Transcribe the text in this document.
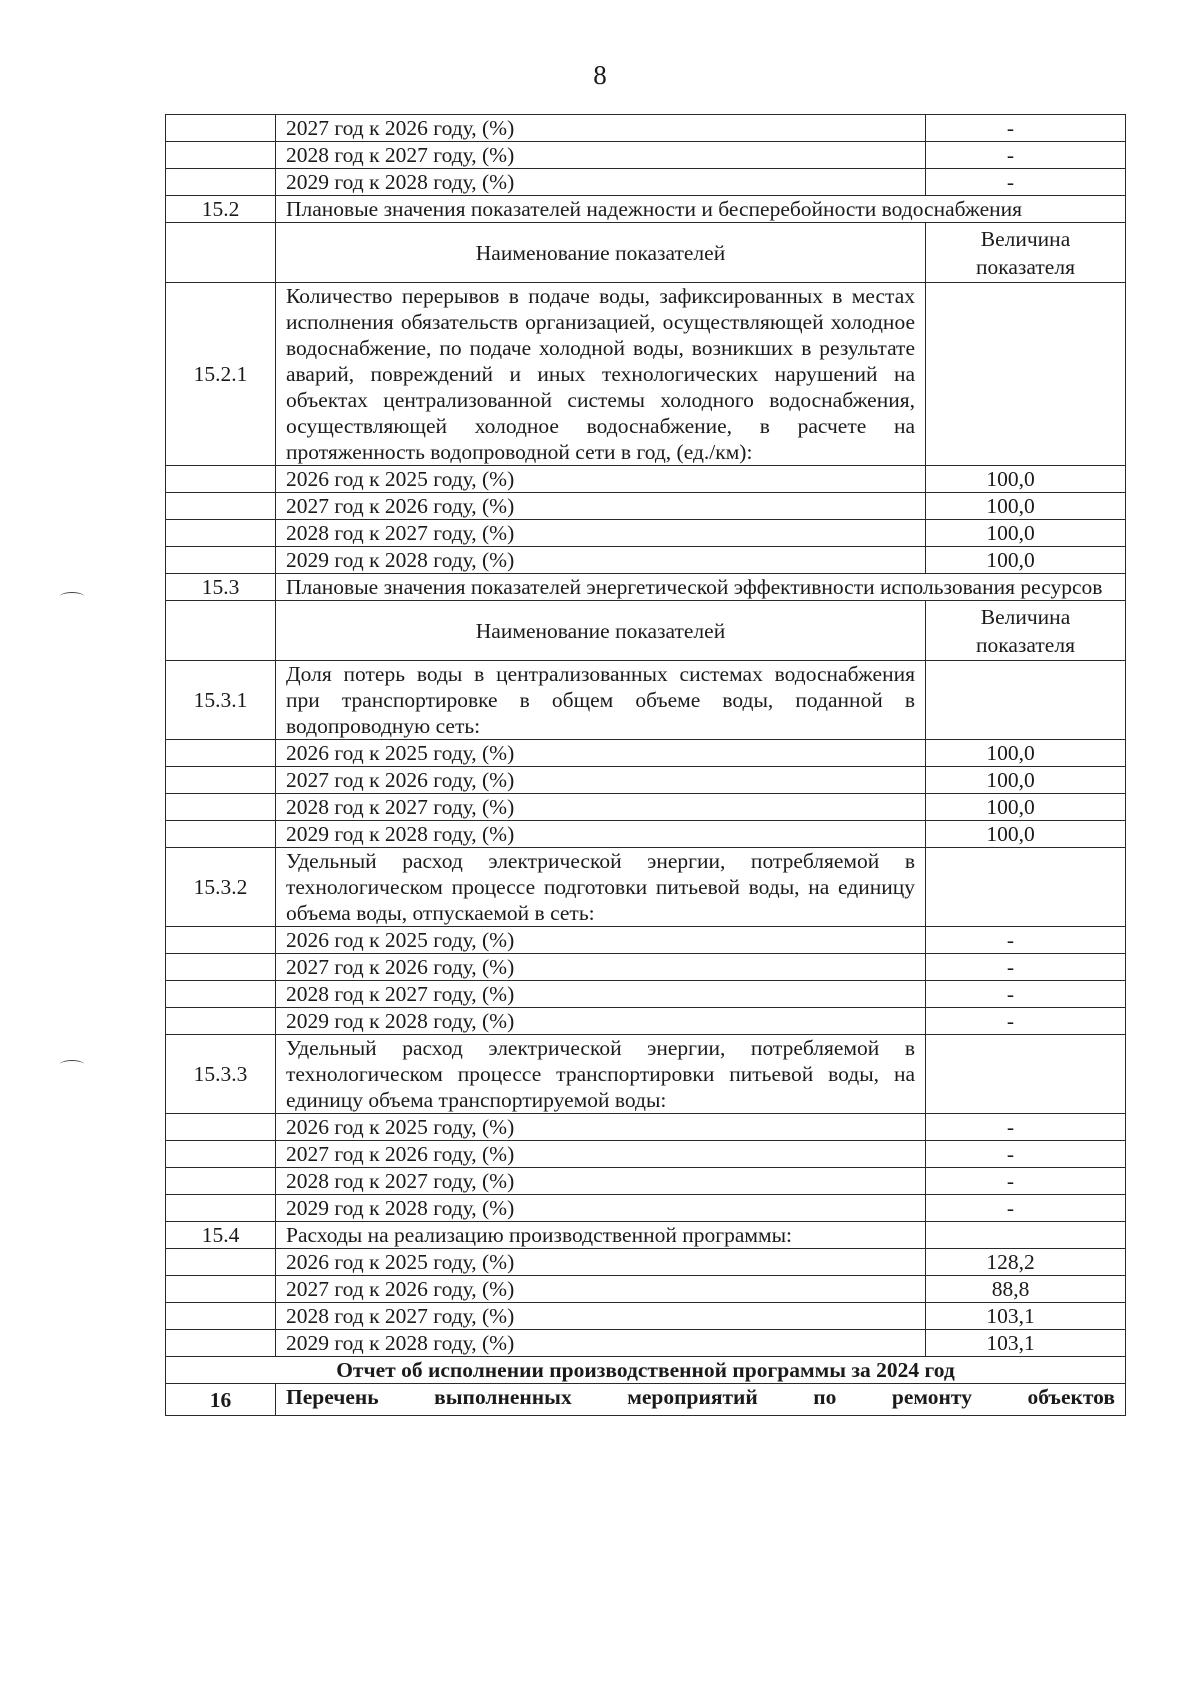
8
	2027 год к 2026 году, (%)	-
	2028 год к 2027 году, (%)	-
	2029 год к 2028 году, (%)	-
15.2	Плановые значения показателей надежности и бесперебойности водоснабжения	
	Наименование показателей	Величина показателя
15.2.1	Количество перерывов в подаче воды, зафиксированных в местах исполнения обязательств организацией, осуществляющей холодное водоснабжение, по подаче холодной воды, возникших в результате аварий, повреждений и иных технологических нарушений на объектах централизованной системы холодного водоснабжения, осуществляющей холодное водоснабжение, в расчете на протяженность водопроводной сети в год, (ед./км):	
	2026 год к 2025 году, (%)	100,0
	2027 год к 2026 году, (%)	100,0
	2028 год к 2027 году, (%)	100,0
	2029 год к 2028 году, (%)	100,0
15.3	Плановые значения показателей энергетической эффективности использования ресурсов	
	Наименование показателей	Величина показателя
15.3.1	Доля потерь воды в централизованных системах водоснабжения при транспортировке в общем объеме воды, поданной в водопроводную сеть:	
	2026 год к 2025 году, (%)	100,0
	2027 год к 2026 году, (%)	100,0
	2028 год к 2027 году, (%)	100,0
	2029 год к 2028 году, (%)	100,0
15.3.2	Удельный расход электрической энергии, потребляемой в технологическом процессе подготовки питьевой воды, на единицу объема воды, отпускаемой в сеть:	
	2026 год к 2025 году, (%)	-
	2027 год к 2026 году, (%)	-
	2028 год к 2027 году, (%)	-
	2029 год к 2028 году, (%)	-
15.3.3	Удельный расход электрической энергии, потребляемой в технологическом процессе транспортировки питьевой воды, на единицу объема транспортируемой воды:	
	2026 год к 2025 году, (%)	-
	2027 год к 2026 году, (%)	-
	2028 год к 2027 году, (%)	-
	2029 год к 2028 году, (%)	-
15.4	Расходы на реализацию производственной программы:	
	2026 год к 2025 году, (%)	128,2
	2027 год к 2026 году, (%)	88,8
	2028 год к 2027 году, (%)	103,1
	2029 год к 2028 году, (%)	103,1
Отчет об исполнении производственной программы за 2024 год		
16	Перечень выполненных мероприятий по ремонту объектов	
